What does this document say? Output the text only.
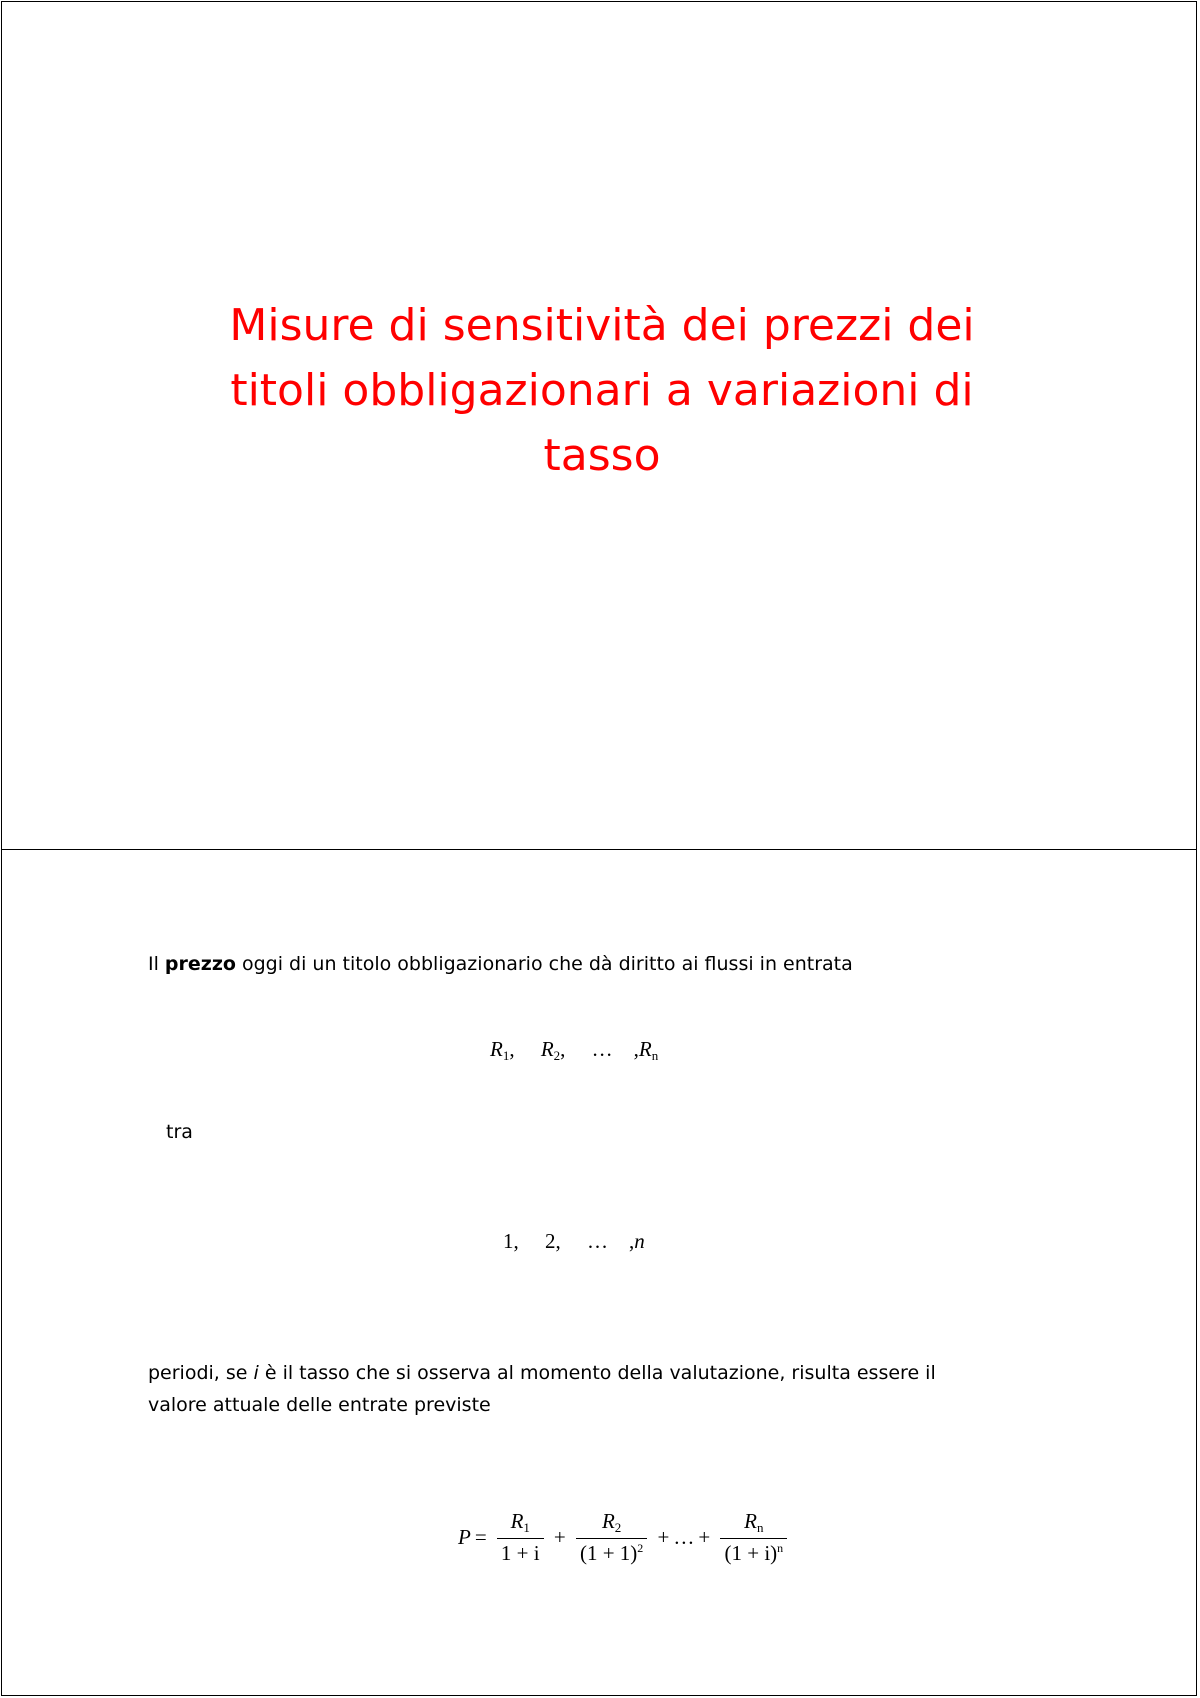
Misure di sensitività dei prezzi dei
titoli obbligazionari a variazioni di
tasso
Il prezzo oggi di un titolo obbligazionario che dà diritto ai flussi in entrata
$R_1$, $R_2$, … $,R_n$
tra
1, 2, … ,n
periodi, se i è il tasso che si osserva al momento della valutazione, risulta essere il
valore attuale delle entrate previste
$P = \frac{R_1}{1 + i} + \frac{R_2}{(1 + 1)^2}$ + … + $\frac{R_n}{(1 + i)^n}$
